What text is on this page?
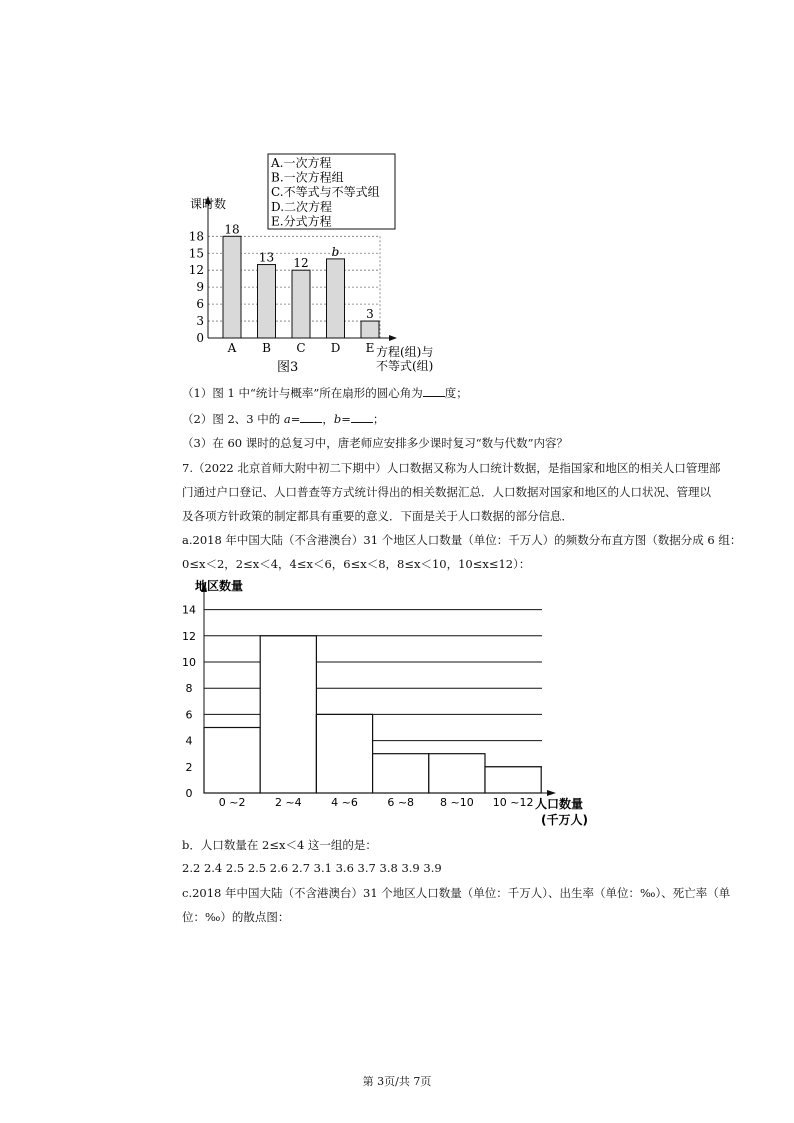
18
13 12
b
3
0
3
6
9
12
15
18
A B C D E
A.一次方程
B.一次方程组
C.不等式与不等式组
D.二次方程
E.分式方程
课时数
方程(组)与
不等式(组)
图3
（1）图 1 中“统计与概率”所在扇形的圆心角为 度；
（2）图 2、3 中的 a= ，b= ；
（3）在 60 课时的总复习中，唐老师应安排多少课时复习“数与代数”内容？
7.（2022 北京首师大附中初二下期中）人口数据又称为人口统计数据，是指国家和地区的相关人口管理部
门通过户口登记、人口普查等方式统计得出的相关数据汇总．人口数据对国家和地区的人口状况、管理以
及各项方针政策的制定都具有重要的意义．下面是关于人口数据的部分信息．
a.2018 年中国大陆（不含港澳台）31 个地区人口数量（单位：千万人）的频数分布直方图（数据分成 6 组：
0≤x＜2，2≤x＜4，4≤x＜6，6≤x＜8，8≤x＜10，10≤x≤12）：
0
2
4
6
8
10
12
14
0 ~2	2 ~4	4 ~6	6 ~8 8 ~10 10 ~12
地区数量
人口数量
(千万人)
b．人口数量在 2≤x＜4 这一组的是：
2.2 2.4 2.5 2.5 2.6 2.7 3.1 3.6 3.7 3.8 3.9 3.9
c.2018 年中国大陆（不含港澳台）31 个地区人口数量（单位：千万人）、出生率（单位：‰）、死亡率（单
位：‰）的散点图：
第 3页/共 7页
